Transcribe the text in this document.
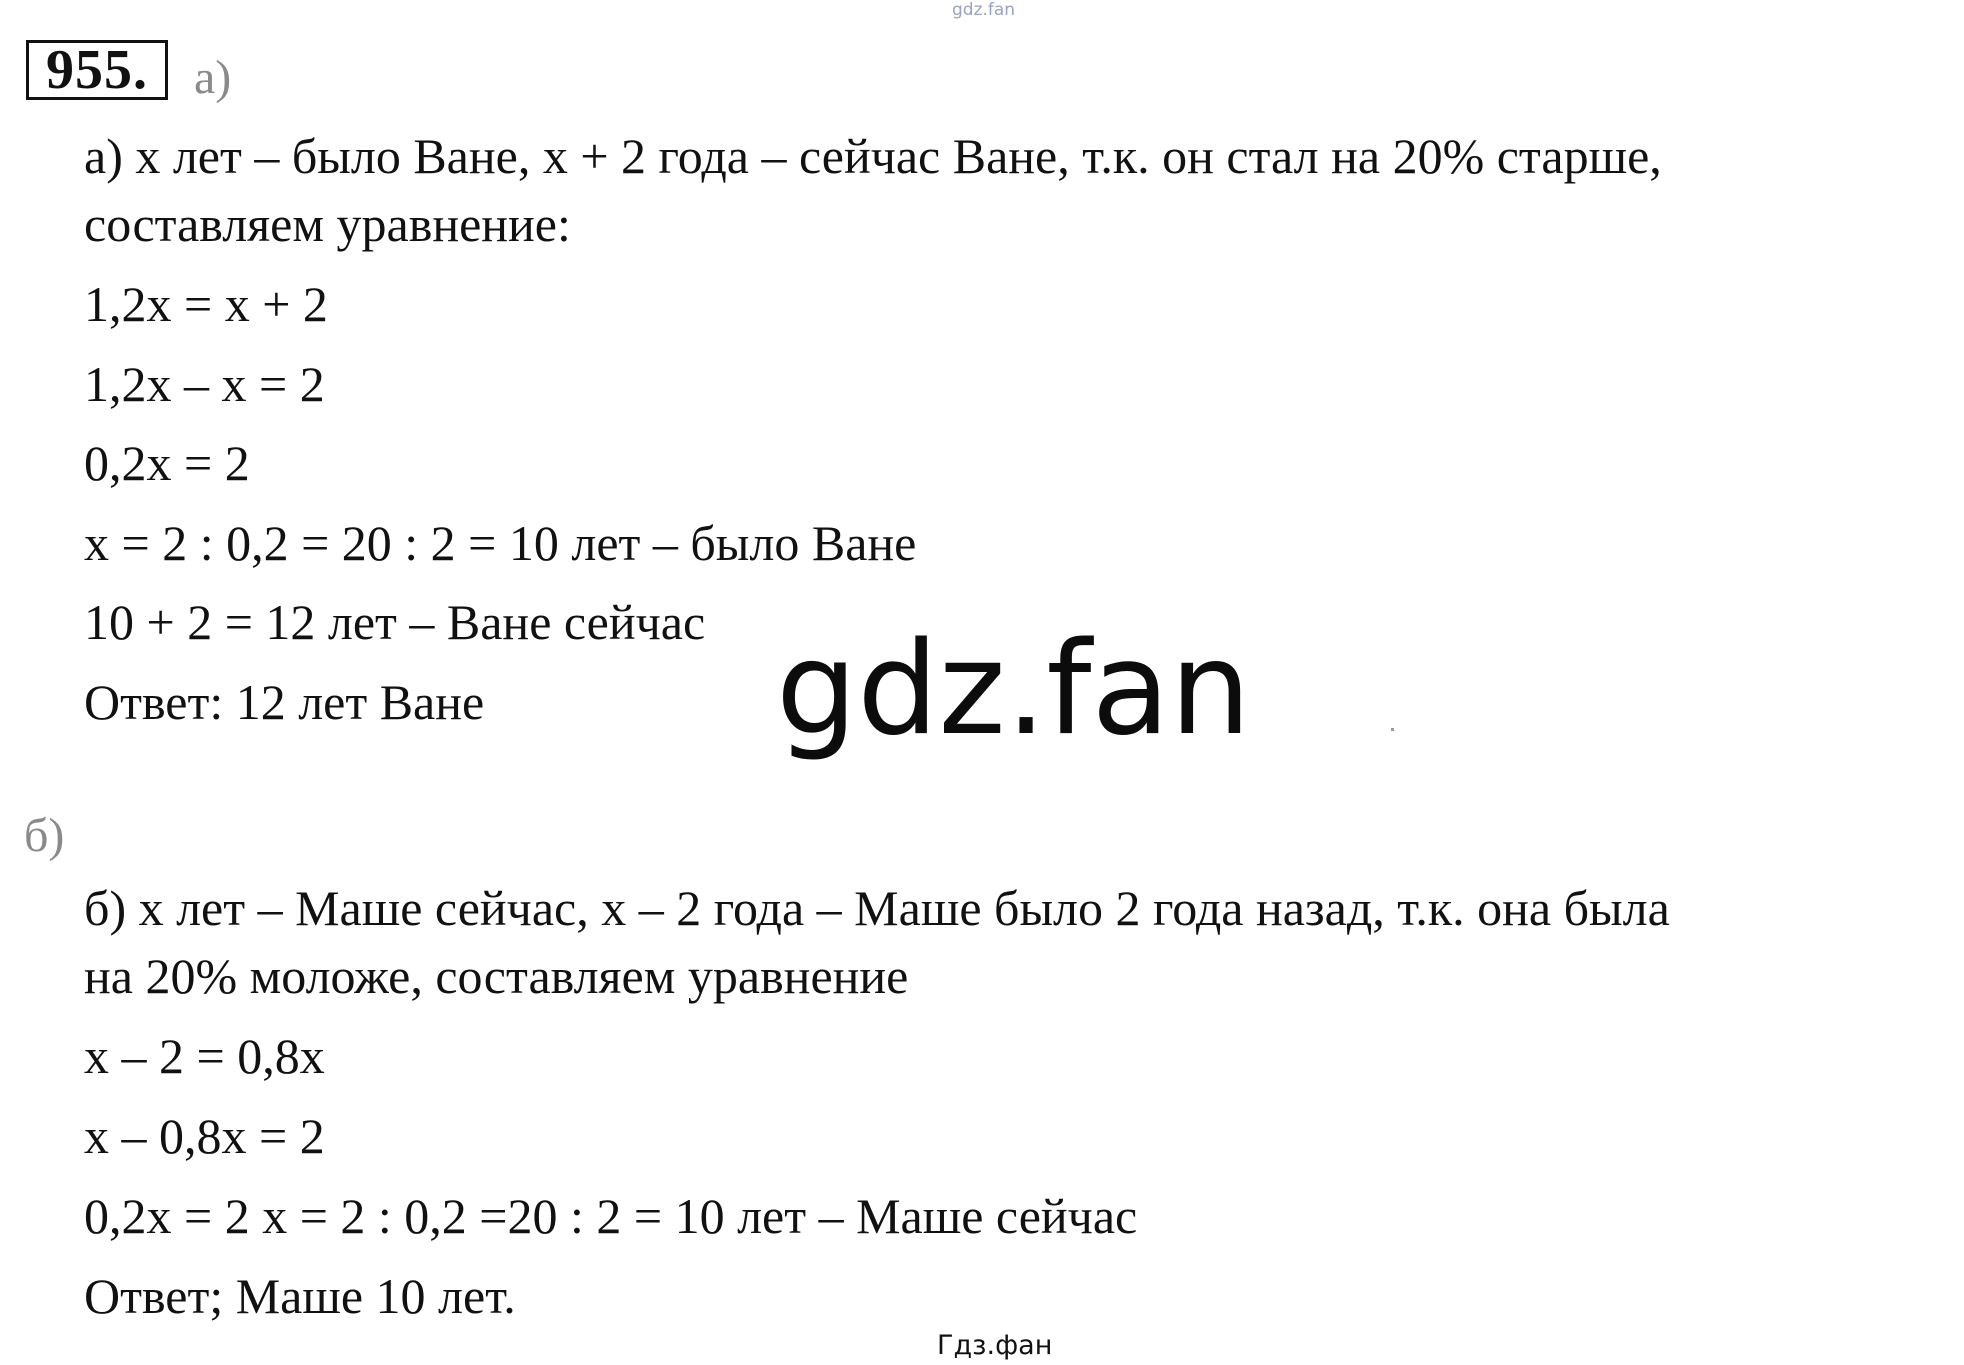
gdz.fan
955. а)
а) х лет – было Ване, х + 2 года – сейчас Ване, т.к. он стал на 20% старше,
составляем уравнение:
1,2х = х + 2
1,2х – х = 2
0,2х = 2
х = 2 : 0,2 = 20 : 2 = 10 лет – было Ване
10 + 2 = 12 лет – Ване сейчас
Ответ: 12 лет Ване gdz.fan
б)
б) х лет – Маше сейчас, х – 2 года – Маше было 2 года назад, т.к. она была
на 20% моложе, составляем уравнение
х – 2 = 0,8х
х – 0,8х = 2
0,2х = 2 х = 2 : 0,2 =20 : 2 = 10 лет – Маше сейчас
Ответ; Маше 10 лет.
Гдз.фан
